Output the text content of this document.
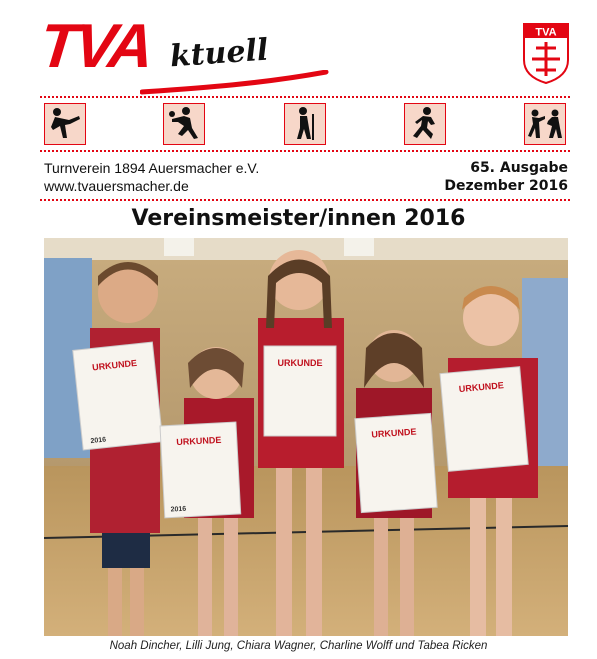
TVA ktuell
TVA
Turnverein 1894 Auersmacher e.V.
www.tvauersmacher.de
65. Ausgabe
Dezember 2016
Vereinsmeister/innen 2016
URKUNDE
2016	URKUNDE
2016
URKUNDE
URKUNDE
URKUNDE
Noah Dincher, Lilli Jung, Chiara Wagner, Charline Wolff und Tabea Ricken
